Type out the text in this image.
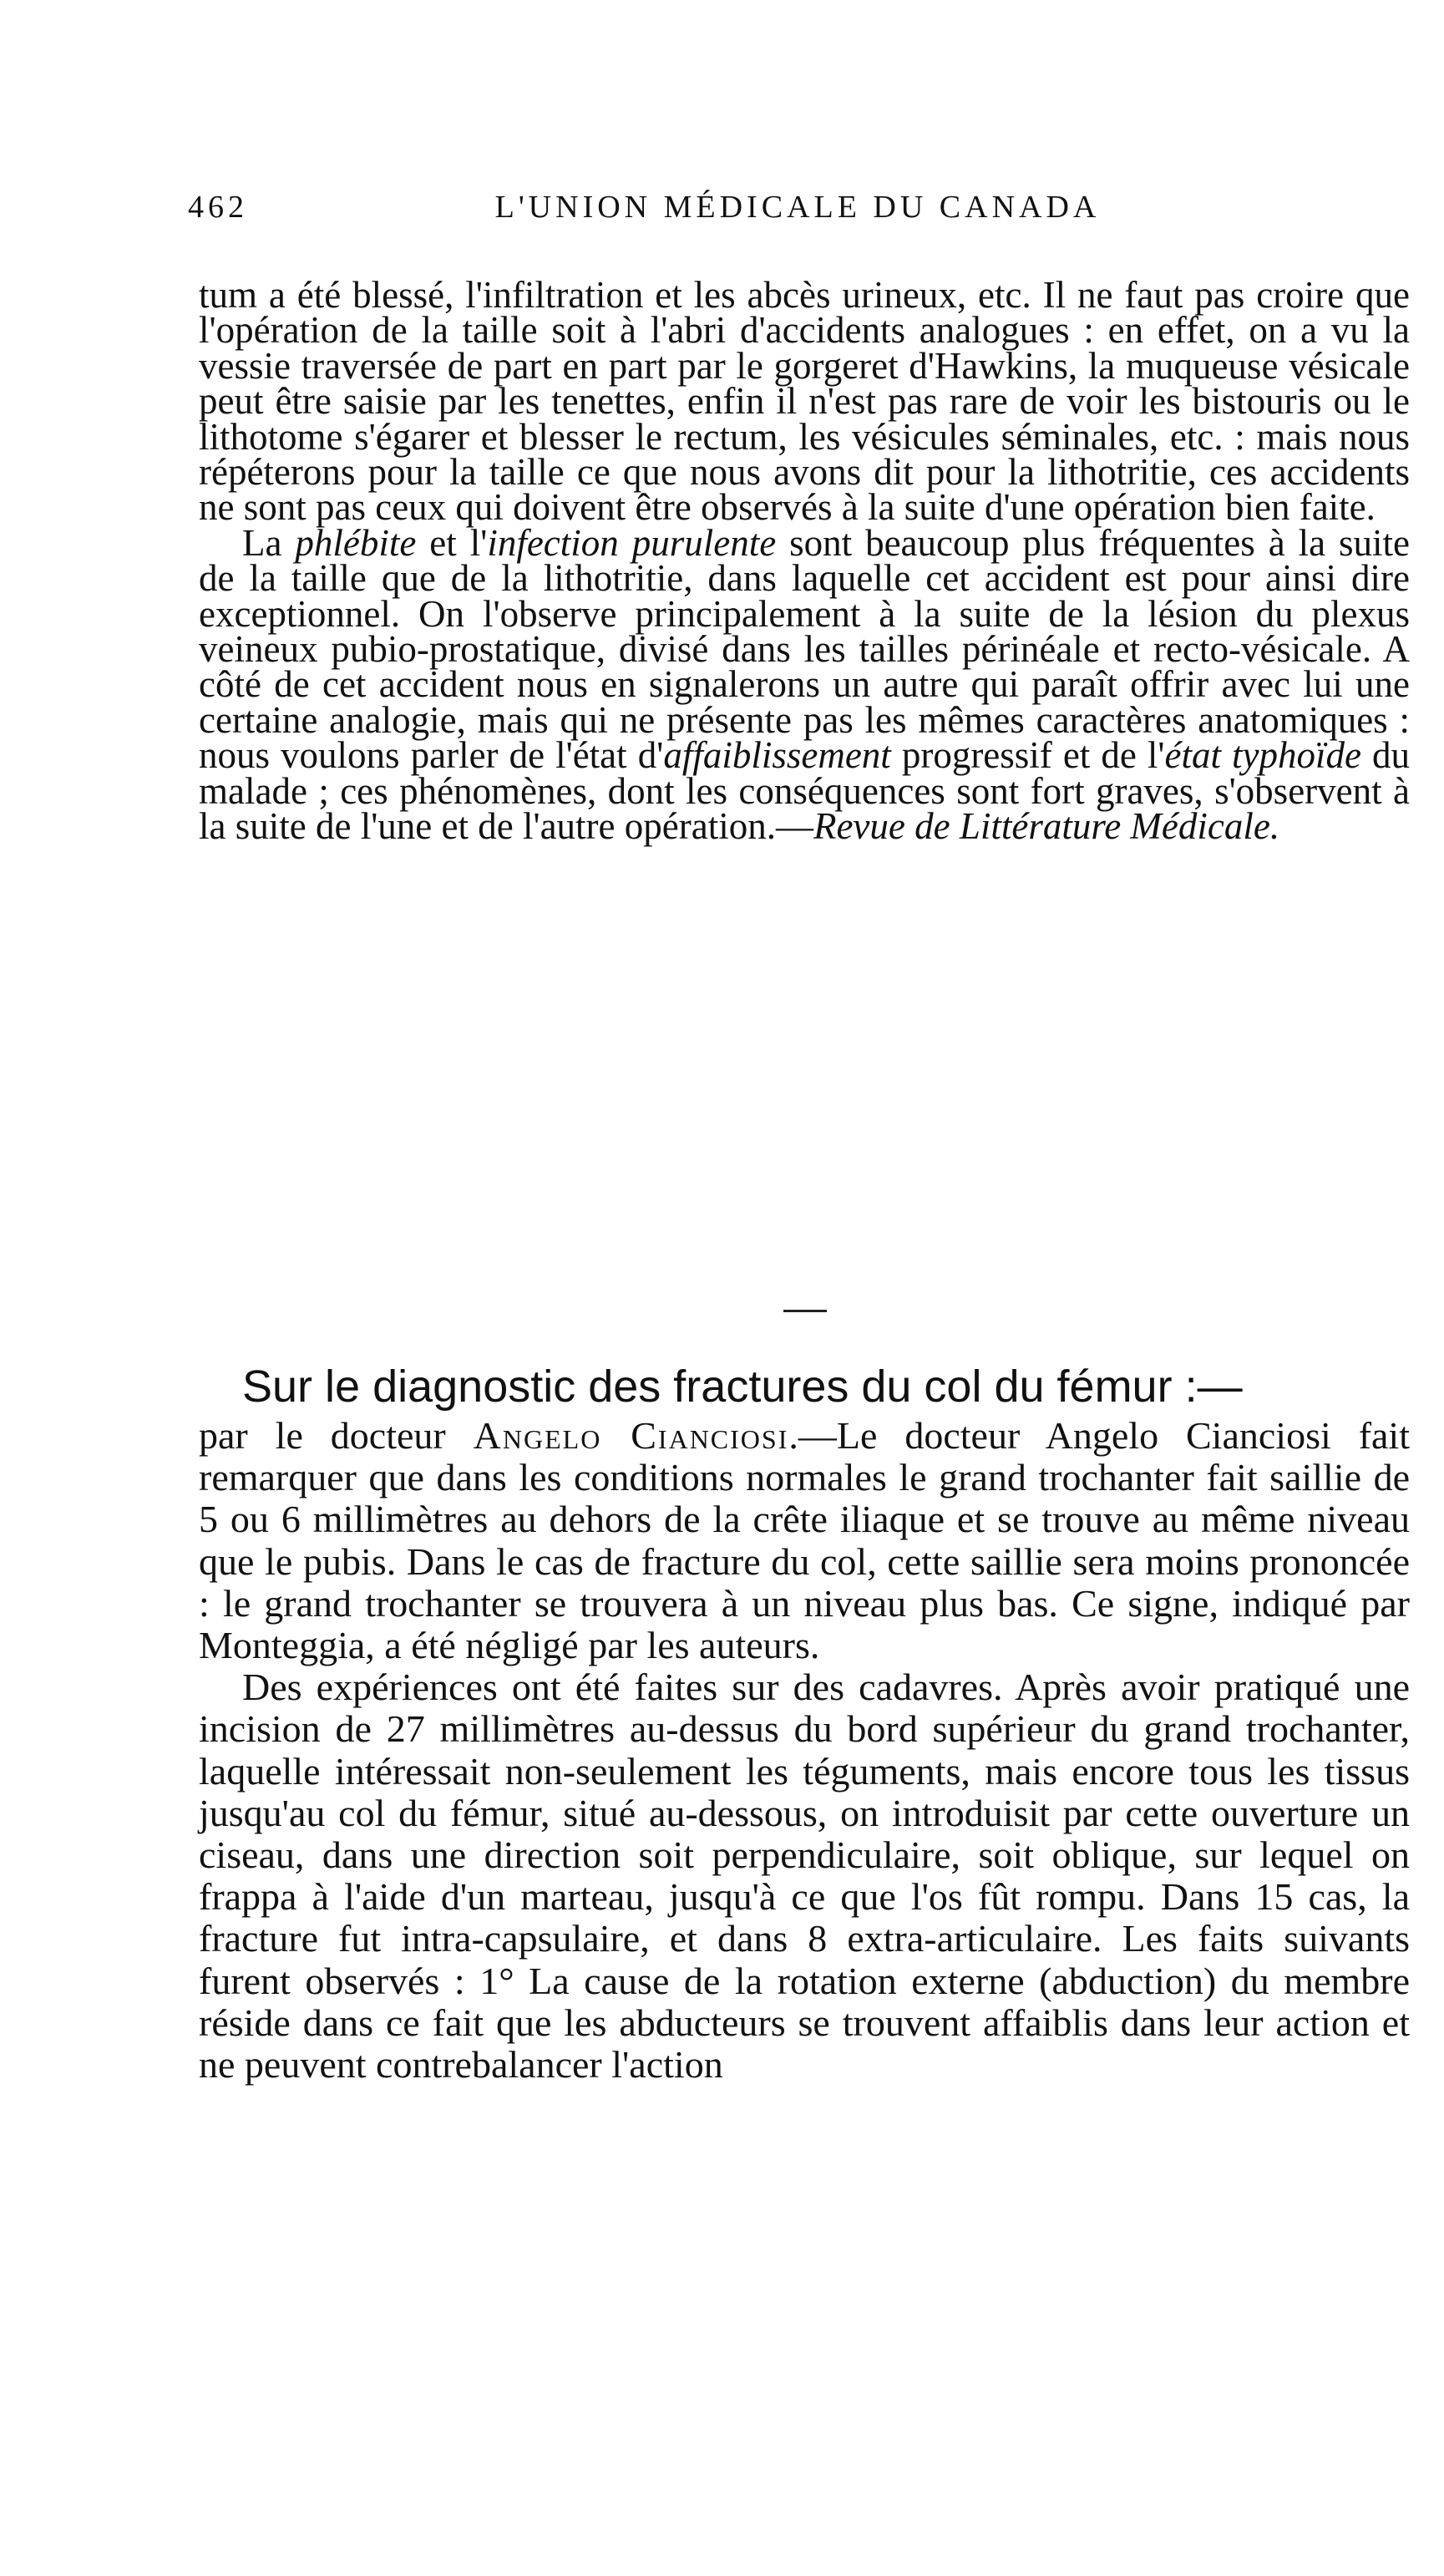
462	L'UNION MÉDICALE DU CANADA

tum a été blessé, l'infiltration et les abcès urineux, etc. Il ne faut pas croire que l'opération de la taille soit à l'abri d'accidents analogues : en effet, on a vu la vessie traversée de part en part par le gorgeret d'Hawkins, la muqueuse vésicale peut être saisie par les tenettes, enfin il n'est pas rare de voir les bistouris ou le lithotome s'égarer et blesser le rectum, les vésicules séminales, etc. : mais nous répéterons pour la taille ce que nous avons dit pour la lithotritie, ces accidents ne sont pas ceux qui doivent être observés à la suite d'une opération bien faite.

La phlébite et l'infection purulente sont beaucoup plus fréquentes à la suite de la taille que de la lithotritie, dans laquelle cet accident est pour ainsi dire exceptionnel. On l'observe principalement à la suite de la lésion du plexus veineux pubio-prostatique, divisé dans les tailles périnéale et recto-vésicale. A côté de cet accident nous en signalerons un autre qui paraît offrir avec lui une certaine analogie, mais qui ne présente pas les mêmes caractères anatomiques : nous voulons parler de l'état d'affaiblissement progressif et de l'état typhoïde du malade ; ces phénomènes, dont les conséquences sont fort graves, s'observent à la suite de l'une et de l'autre opération.—Revue de Littérature Médicale.

Sur le diagnostic des fractures du col du fémur :—

par le docteur Angelo Cianciosi.—Le docteur Angelo Cianciosi fait remarquer que dans les conditions normales le grand trochanter fait saillie de 5 ou 6 millimètres au dehors de la crête iliaque et se trouve au même niveau que le pubis. Dans le cas de fracture du col, cette saillie sera moins prononcée : le grand trochanter se trouvera à un niveau plus bas. Ce signe, indiqué par Monteggia, a été négligé par les auteurs.

Des expériences ont été faites sur des cadavres. Après avoir pratiqué une incision de 27 millimètres au-dessus du bord supérieur du grand trochanter, laquelle intéressait non-seulement les téguments, mais encore tous les tissus jusqu'au col du fémur, situé au-dessous, on introduisit par cette ouverture un ciseau, dans une direction soit perpendiculaire, soit oblique, sur lequel on frappa à l'aide d'un marteau, jusqu'à ce que l'os fût rompu. Dans 15 cas, la fracture fut intra-capsulaire, et dans 8 extra-articulaire. Les faits suivants furent observés : 1° La cause de la rotation externe (abduction) du membre réside dans ce fait que les abducteurs se trouvent affaiblis dans leur action et ne peuvent contrebalancer l'action
